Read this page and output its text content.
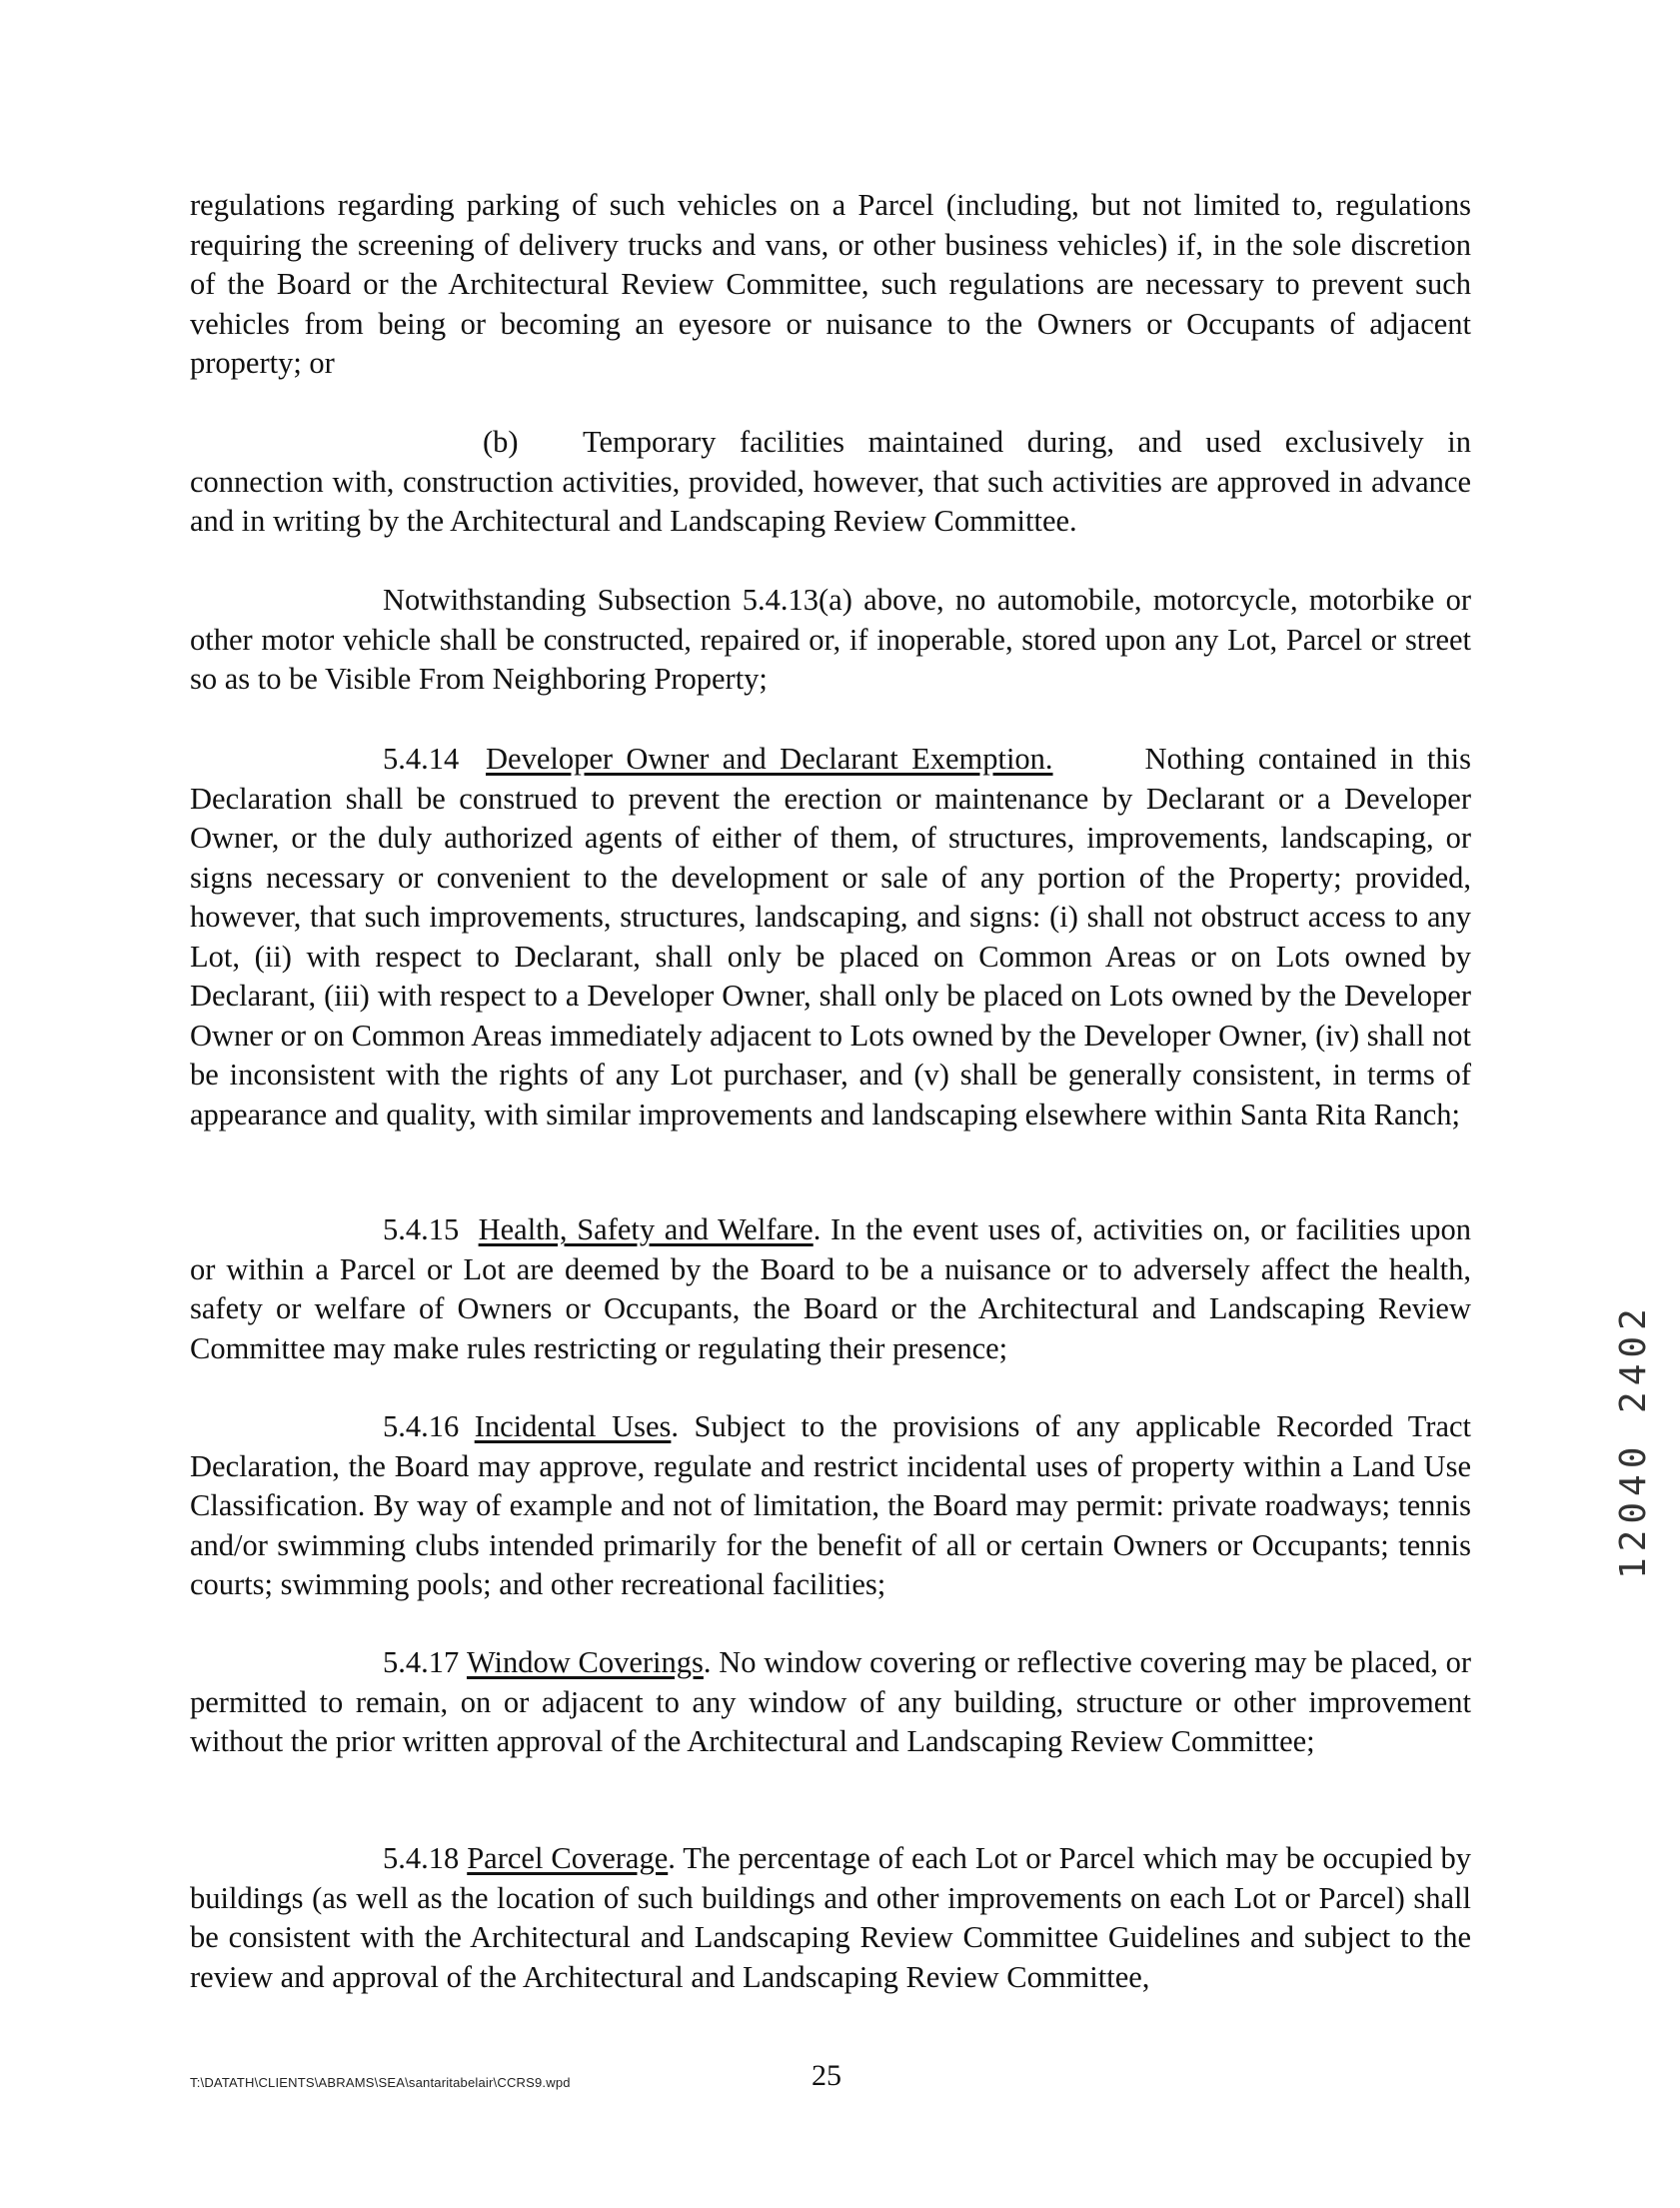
regulations regarding parking of such vehicles on a Parcel (including, but not limited to, regulations requiring the screening of delivery trucks and vans, or other business vehicles) if, in the sole discretion of the Board or the Architectural Review Committee, such regulations are necessary to prevent such vehicles from being or becoming an eyesore or nuisance to the Owners or Occupants of adjacent property; or

(b) Temporary facilities maintained during, and used exclusively in connection with, construction activities, provided, however, that such activities are approved in advance and in writing by the Architectural and Landscaping Review Committee.

Notwithstanding Subsection 5.4.13(a) above, no automobile, motorcycle, motorbike or other motor vehicle shall be constructed, repaired or, if inoperable, stored upon any Lot, Parcel or street so as to be Visible From Neighboring Property;

5.4.14 Developer Owner and Declarant Exemption.	Nothing contained in this Declaration shall be construed to prevent the erection or maintenance by Declarant or a Developer Owner, or the duly authorized agents of either of them, of structures, improvements, landscaping, or signs necessary or convenient to the development or sale of any portion of the Property; provided, however, that such improvements, structures, landscaping, and signs: (i) shall not obstruct access to any Lot, (ii) with respect to Declarant, shall only be placed on Common Areas or on Lots owned by Declarant, (iii) with respect to a Developer Owner, shall only be placed on Lots owned by the Developer Owner or on Common Areas immediately adjacent to Lots owned by the Developer Owner, (iv) shall not be inconsistent with the rights of any Lot purchaser, and (v) shall be generally consistent, in terms of appearance and quality, with similar improvements and landscaping elsewhere within Santa Rita Ranch;

5.4.15 Health, Safety and Welfare. In the event uses of, activities on, or facilities upon or within a Parcel or Lot are deemed by the Board to be a nuisance or to adversely affect the health, safety or welfare of Owners or Occupants, the Board or the Architectural and Landscaping Review Committee may make rules restricting or regulating their presence;

5.4.16 Incidental Uses. Subject to the provisions of any applicable Recorded Tract Declaration, the Board may approve, regulate and restrict incidental uses of property within a Land Use Classification. By way of example and not of limitation, the Board may permit: private roadways; tennis and/or swimming clubs intended primarily for the benefit of all or certain Owners or Occupants; tennis courts; swimming pools; and other recreational facilities;

5.4.17 Window Coverings. No window covering or reflective covering may be placed, or permitted to remain, on or adjacent to any window of any building, structure or other improvement without the prior written approval of the Architectural and Landscaping Review Committee;

5.4.18 Parcel Coverage. The percentage of each Lot or Parcel which may be occupied by buildings (as well as the location of such buildings and other improvements on each Lot or Parcel) shall be consistent with the Architectural and Landscaping Review Committee Guidelines and subject to the review and approval of the Architectural and Landscaping Review Committee,

T:\DATATH\CLIENTS\ABRAMS\SEA\santaritabelair\CCRS9.wpd	25
12040 2402
